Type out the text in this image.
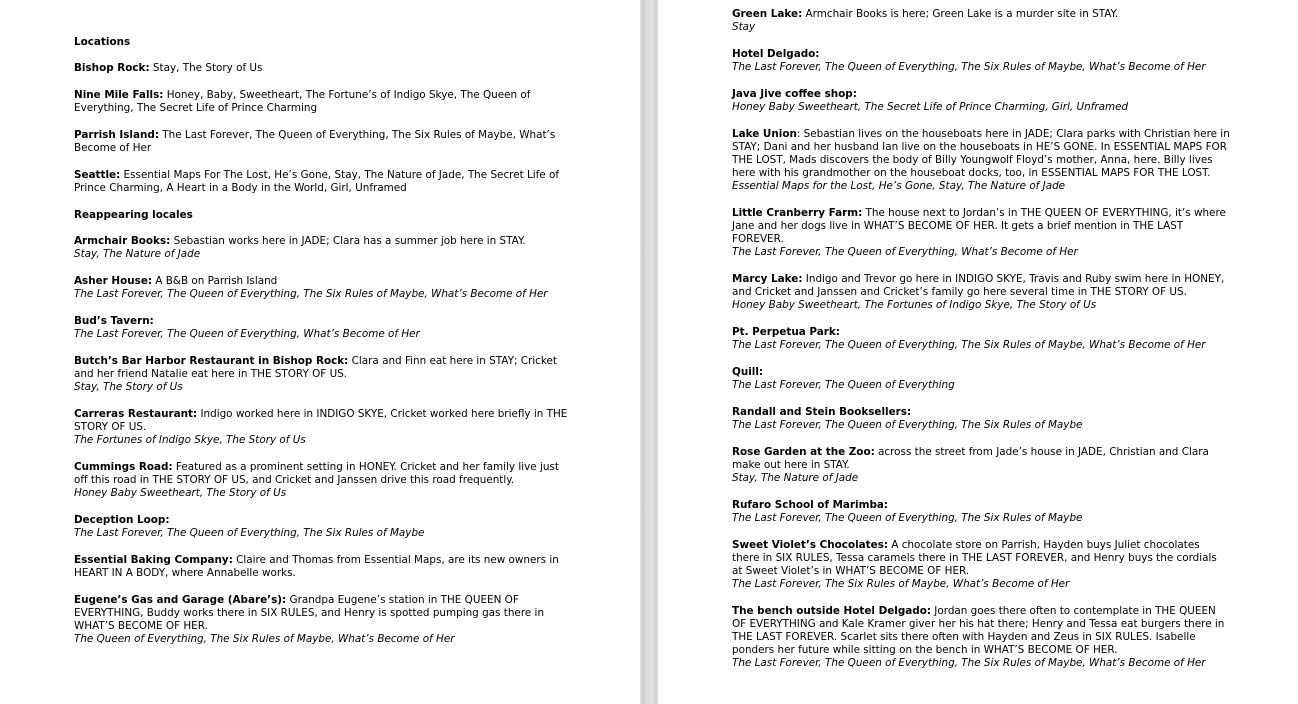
Locations
Bishop Rock: Stay, The Story of Us
Nine Mile Falls: Honey, Baby, Sweetheart, The Fortune’s of Indigo Skye, The Queen of Everything, The Secret Life of Prince Charming
Parrish Island: The Last Forever, The Queen of Everything, The Six Rules of Maybe, What’s Become of Her
Seattle: Essential Maps For The Lost, He’s Gone, Stay, The Nature of Jade, The Secret Life of Prince Charming, A Heart in a Body in the World, Girl, Unframed
Reappearing locales
Armchair Books: Sebastian works here in JADE; Clara has a summer job here in STAY.
Stay, The Nature of Jade
Asher House: A B&B on Parrish Island
The Last Forever, The Queen of Everything, The Six Rules of Maybe, What’s Become of Her
Bud’s Tavern:
The Last Forever, The Queen of Everything, What’s Become of Her
Butch’s Bar Harbor Restaurant in Bishop Rock: Clara and Finn eat here in STAY; Cricket and her friend Natalie eat here in THE STORY OF US.
Stay, The Story of Us
Carreras Restaurant: Indigo worked here in INDIGO SKYE, Cricket worked here briefly in THE STORY OF US.
The Fortunes of Indigo Skye, The Story of Us
Cummings Road: Featured as a prominent setting in HONEY. Cricket and her family live just off this road in THE STORY OF US, and Cricket and Janssen drive this road frequently.
Honey Baby Sweetheart, The Story of Us
Deception Loop:
The Last Forever, The Queen of Everything, The Six Rules of Maybe
Essential Baking Company: Claire and Thomas from Essential Maps, are its new owners in HEART IN A BODY, where Annabelle works.
Eugene’s Gas and Garage (Abare’s): Grandpa Eugene’s station in THE QUEEN OF EVERYTHING, Buddy works there in SIX RULES, and Henry is spotted pumping gas there in WHAT’S BECOME OF HER.
The Queen of Everything, The Six Rules of Maybe, What’s Become of Her
Green Lake: Armchair Books is here; Green Lake is a murder site in STAY.
Stay
Hotel Delgado:
The Last Forever, The Queen of Everything, The Six Rules of Maybe, What’s Become of Her
Java Jive coffee shop:
Honey Baby Sweetheart, The Secret Life of Prince Charming, Girl, Unframed
Lake Union: Sebastian lives on the houseboats here in JADE; Clara parks with Christian here in STAY; Dani and her husband Ian live on the houseboats in HE’S GONE. In ESSENTIAL MAPS FOR THE LOST, Mads discovers the body of Billy Youngwolf Floyd’s mother, Anna, here. Billy lives here with his grandmother on the houseboat docks, too, in ESSENTIAL MAPS FOR THE LOST.
Essential Maps for the Lost, He’s Gone, Stay, The Nature of Jade
Little Cranberry Farm: The house next to Jordan’s in THE QUEEN OF EVERYTHING, it’s where Jane and her dogs live in WHAT’S BECOME OF HER. It gets a brief mention in THE LAST FOREVER.
The Last Forever, The Queen of Everything, What’s Become of Her
Marcy Lake: Indigo and Trevor go here in INDIGO SKYE, Travis and Ruby swim here in HONEY, and Cricket and Janssen and Cricket’s family go here several time in THE STORY OF US.
Honey Baby Sweetheart, The Fortunes of Indigo Skye, The Story of Us
Pt. Perpetua Park:
The Last Forever, The Queen of Everything, The Six Rules of Maybe, What’s Become of Her
Quill:
The Last Forever, The Queen of Everything
Randall and Stein Booksellers:
The Last Forever, The Queen of Everything, The Six Rules of Maybe
Rose Garden at the Zoo: across the street from Jade’s house in JADE, Christian and Clara make out here in STAY.
Stay, The Nature of Jade
Rufaro School of Marimba:
The Last Forever, The Queen of Everything, The Six Rules of Maybe
Sweet Violet’s Chocolates: A chocolate store on Parrish, Hayden buys Juliet chocolates there in SIX RULES, Tessa caramels there in THE LAST FOREVER, and Henry buys the cordials at Sweet Violet’s in WHAT’S BECOME OF HER.
The Last Forever, The Six Rules of Maybe, What’s Become of Her
The bench outside Hotel Delgado: Jordan goes there often to contemplate in THE QUEEN OF EVERYTHING and Kale Kramer giver her his hat there; Henry and Tessa eat burgers there in THE LAST FOREVER. Scarlet sits there often with Hayden and Zeus in SIX RULES. Isabelle ponders her future while sitting on the bench in WHAT’S BECOME OF HER.
The Last Forever, The Queen of Everything, The Six Rules of Maybe, What’s Become of Her
